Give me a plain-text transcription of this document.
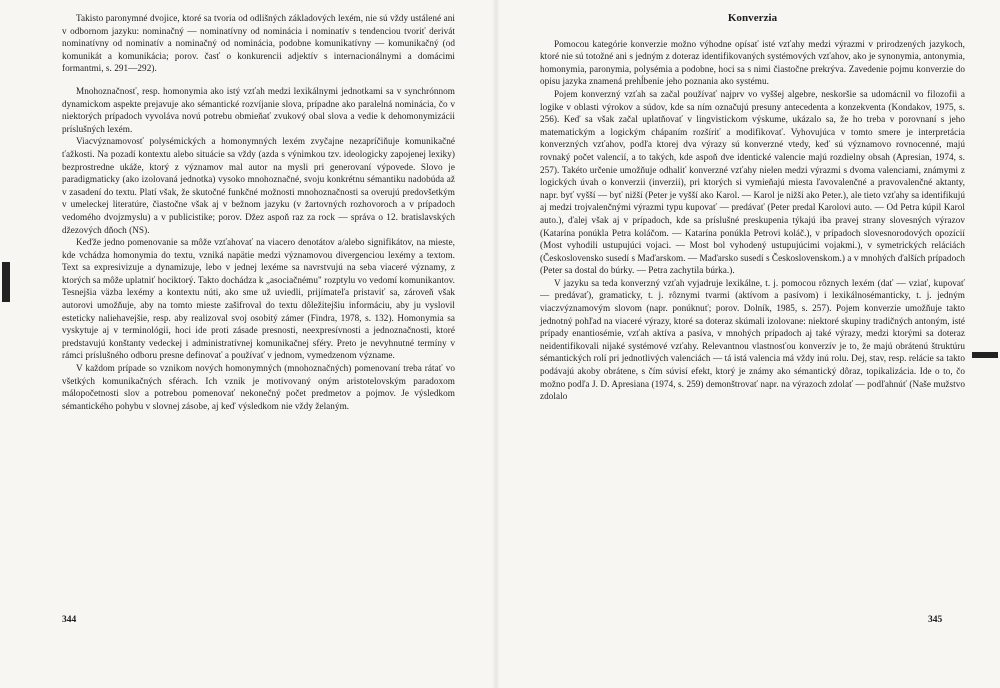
Takisto paronymné dvojice, ktoré sa tvoria od odlišných základových lexém, nie sú vždy ustálené ani v odbornom jazyku: nominačný — nominatívny od nominácia i nominatív s tendenciou tvoriť derivát nominatívny od nominatív a nominačný od nominácia, podobne komunikatívny — komunikačný (od komunikát a komunikácia; porov. časť o konkurencii adjektív s internacionálnymi a domácimi formantmi, s. 291—292).

Mnohoznačnosť, resp. homonymia ako istý vzťah medzi lexikálnymi jednotkami sa v synchrónnom dynamickom aspekte prejavuje ako sémantické rozvíjanie slova, prípadne ako paralelná nominácia, čo v niektorých prípadoch vyvoláva novú potrebu obmieňať zvukový obal slova a vedie k dehomonymizácii príslušných lexém.

Viacvýznamovosť polysémických a homonymných lexém zvyčajne nezapríčiňuje komunikačné ťažkosti. Na pozadí kontextu alebo situácie sa vždy (azda s výnimkou tzv. ideologicky zapojenej lexiky) bezprostredne ukáže, ktorý z významov mal autor na mysli pri generovaní výpovede. Slovo je paradigmaticky (ako izolovaná jednotka) vysoko mnohoznačné, svoju konkrétnu sémantiku nadobúda až v zasadení do textu. Platí však, že skutočné funkčné možnosti mnohoznačnosti sa overujú predovšetkým v umeleckej literatúre, čiastočne však aj v bežnom jazyku (v žartovných rozhovoroch a v prípadoch vedomého dvojzmyslu) a v publicistike; porov. Džez aspoň raz za rock — správa o 12. bratislavských džezových dňoch (NS).

Keďže jedno pomenovanie sa môže vzťahovať na viacero denotátov a/alebo signifikátov, na mieste, kde vchádza homonymia do textu, vzniká napätie medzi významovou divergenciou lexémy a textom. Text sa expresivizuje a dynamizuje, lebo v jednej lexéme sa navrstvujú na seba viaceré významy, z ktorých sa môže uplatniť hociktorý. Takto dochádza k „asociačnému" rozptylu vo vedomí komunikantov. Tesnejšia väzba lexémy a kontextu núti, ako sme už uviedli, prijímateľa pristaviť sa, zároveň však autorovi umožňuje, aby na tomto mieste zašifroval do textu dôležitejšiu informáciu, aby ju vyslovil esteticky naliehavejšie, resp. aby realizoval svoj osobitý zámer (Findra, 1978, s. 132). Homonymia sa vyskytuje aj v terminológii, hoci ide proti zásade presnosti, neexpresívnosti a jednoznačnosti, ktoré predstavujú konštanty vedeckej i administratívnej komunikačnej sféry. Preto je nevyhnutné termíny v rámci príslušného odboru presne definovať a používať v jednom, vymedzenom význame.

V každom prípade so vznikom nových homonymných (mnohoznačných) pomenovaní treba rátať vo všetkých komunikačných sférach. Ich vznik je motivovaný oným aristotelovským paradoxom málopočetnosti slov a potrebou pomenovať nekonečný počet predmetov a pojmov. Je výsledkom sémantického pohybu v slovnej zásobe, aj keď výsledkom nie vždy želaným.

344
Konverzia

Pomocou kategórie konverzie možno výhodne opísať isté vzťahy medzi výrazmi v prirodzených jazykoch, ktoré nie sú totožné ani s jedným z doteraz identifikovaných systémových vzťahov, ako je synonymia, antonymia, homonymia, paronymia, polysémia a podobne, hoci sa s nimi čiastočne prekrýva. Zavedenie pojmu konverzie do opisu jazyka znamená prehĺbenie jeho poznania ako systému.

Pojem konverzný vzťah sa začal používať najprv vo vyššej algebre, neskoršie sa udomácnil vo filozofii a logike v oblasti výrokov a súdov, kde sa ním označujú presuny antecedenta a konzekventa (Kondakov, 1975, s. 256). Keď sa však začal uplatňovať v lingvistickom výskume, ukázalo sa, že ho treba v porovnaní s jeho matematickým a logickým chápaním rozšíriť a modifikovať. Vyhovujúca v tomto smere je interpretácia konverzných vzťahov, podľa ktorej dva výrazy sú konverzné vtedy, keď sú významovo rovnocenné, majú rovnaký počet valencií, a to takých, kde aspoň dve identické valencie majú rozdielny obsah (Apresian, 1974, s. 257). Takéto určenie umožňuje odhaliť konverzné vzťahy nielen medzi výrazmi s dvoma valenciami, známymi z logických úvah o konverzii (inverzii), pri ktorých si vymieňajú miesta ľavovalenčné a pravovalenčné aktanty, napr. byť vyšší — byť nižší (Peter je vyšší ako Karol. — Karol je nižší ako Peter.), ale tieto vzťahy sa identifikujú aj medzi trojvalenčnými výrazmi typu kupovať — predávať (Peter predal Karolovi auto. — Od Petra kúpil Karol auto.), ďalej však aj v prípadoch, kde sa príslušné preskupenia týkajú iba pravej strany slovesných výrazov (Katarína ponúkla Petra koláčom. — Katarína ponúkla Petrovi koláč.), v prípadoch slovesnorodových opozícií (Most vyhodili ustupujúci vojaci. — Most bol vyhodený ustupujúcimi vojakmi.), v symetrických reláciách (Československo susedí s Maďarskom. — Maďarsko susedí s Československom.) a v mnohých ďalších prípadoch (Peter sa dostal do búrky. — Petra zachytila búrka.).

V jazyku sa teda konverzný vzťah vyjadruje lexikálne, t. j. pomocou rôznych lexém (dať — vziať, kupovať — predávať), gramaticky, t. j. rôznymi tvarmi (aktívom a pasívom) i lexikálnosémanticky, t. j. jedným viaczvýznamovým slovom (napr. ponúknuť; porov. Dolník, 1985, s. 257). Pojem konverzie umožňuje takto jednotný pohľad na viaceré výrazy, ktoré sa doteraz skúmali izolovane: niektoré skupiny tradičných antoným, isté prípady enantiosémie, vzťah aktíva a pasíva, v mnohých prípadoch aj také výrazy, medzi ktorými sa doteraz neidentifikovali nijaké systémové vzťahy. Relevantnou vlastnosťou konverzív je to, že majú obrátenú štruktúru sémantických rolí pri jednotlivých valenciách — tá istá valencia má vždy inú rolu. Dej, stav, resp. relácie sa takto podávajú akoby obrátene, s čím súvisí efekt, ktorý je známy ako sémantický dôraz, topikalizácia. Ide o to, čo možno podľa J. D. Apresiana (1974, s. 259) demonštrovať napr. na výrazoch zdolať — podľahnúť (Naše mužstvo zdolalo

345
